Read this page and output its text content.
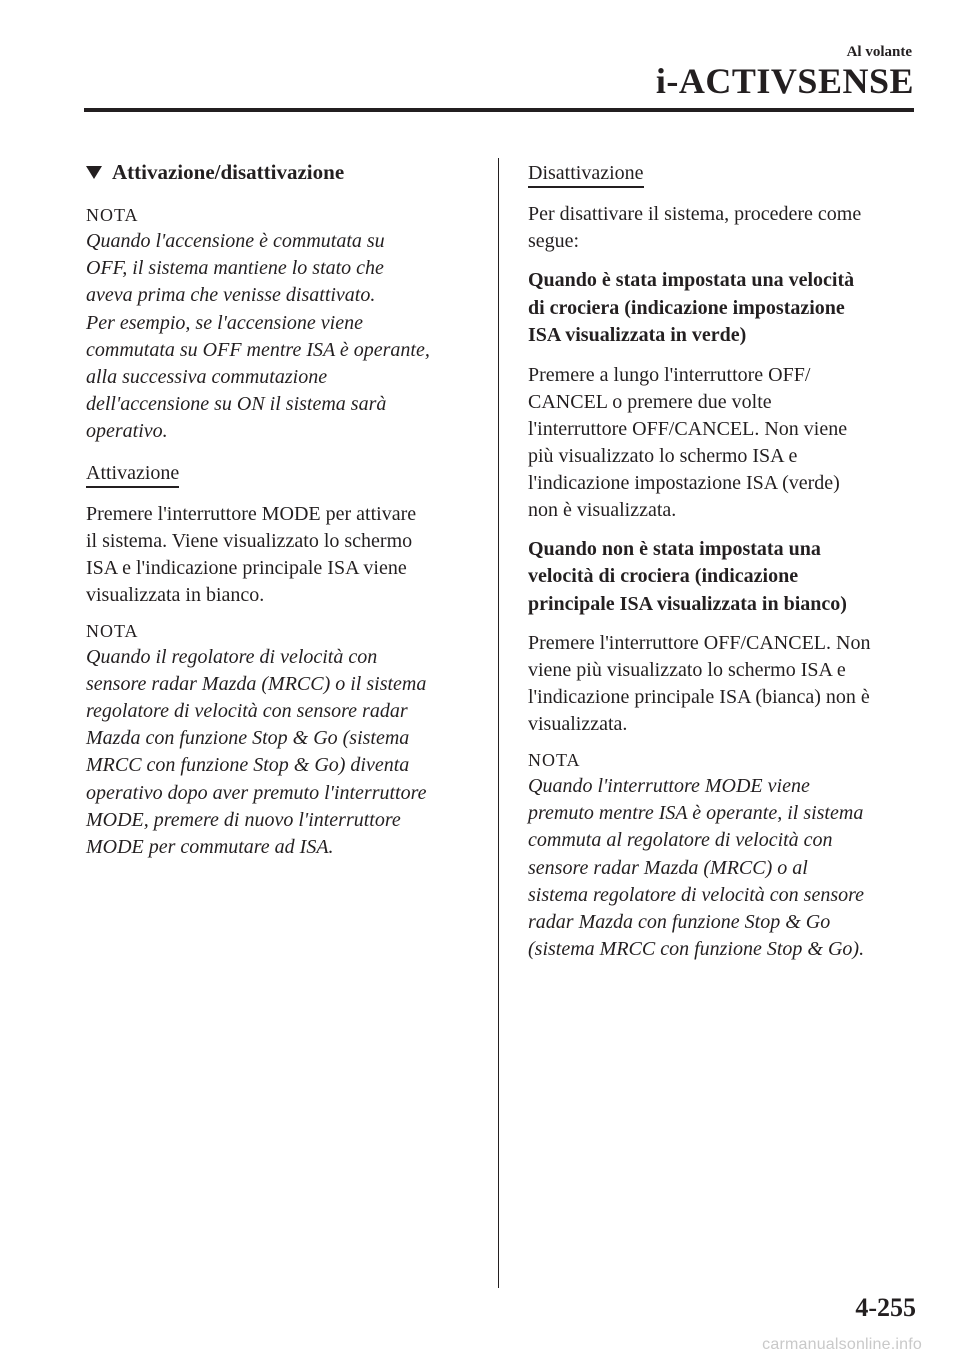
Al volante
i-ACTIVSENSE
Attivazione/disattivazione
NOTA
Quando l'accensione è commutata su
OFF, il sistema mantiene lo stato che
aveva prima che venisse disattivato.
Per esempio, se l'accensione viene
commutata su OFF mentre ISA è operante,
alla successiva commutazione
dell'accensione su ON il sistema sarà
operativo.
Attivazione
Premere l'interruttore MODE per attivare
il sistema. Viene visualizzato lo schermo
ISA e l'indicazione principale ISA viene
visualizzata in bianco.
NOTA
Quando il regolatore di velocità con
sensore radar Mazda (MRCC) o il sistema
regolatore di velocità con sensore radar
Mazda con funzione Stop & Go (sistema
MRCC con funzione Stop & Go) diventa
operativo dopo aver premuto l'interruttore
MODE, premere di nuovo l'interruttore
MODE per commutare ad ISA.
Disattivazione
Per disattivare il sistema, procedere come
segue:
Quando è stata impostata una velocità
di crociera (indicazione impostazione
ISA visualizzata in verde)
Premere a lungo l'interruttore OFF/
CANCEL o premere due volte
l'interruttore OFF/CANCEL. Non viene
più visualizzato lo schermo ISA e
l'indicazione impostazione ISA (verde)
non è visualizzata.
Quando non è stata impostata una
velocità di crociera (indicazione
principale ISA visualizzata in bianco)
Premere l'interruttore OFF/CANCEL. Non
viene più visualizzato lo schermo ISA e
l'indicazione principale ISA (bianca) non è
visualizzata.
NOTA
Quando l'interruttore MODE viene
premuto mentre ISA è operante, il sistema
commuta al regolatore di velocità con
sensore radar Mazda (MRCC) o al
sistema regolatore di velocità con sensore
radar Mazda con funzione Stop & Go
(sistema MRCC con funzione Stop & Go).
4-255
carmanualsonline.info
